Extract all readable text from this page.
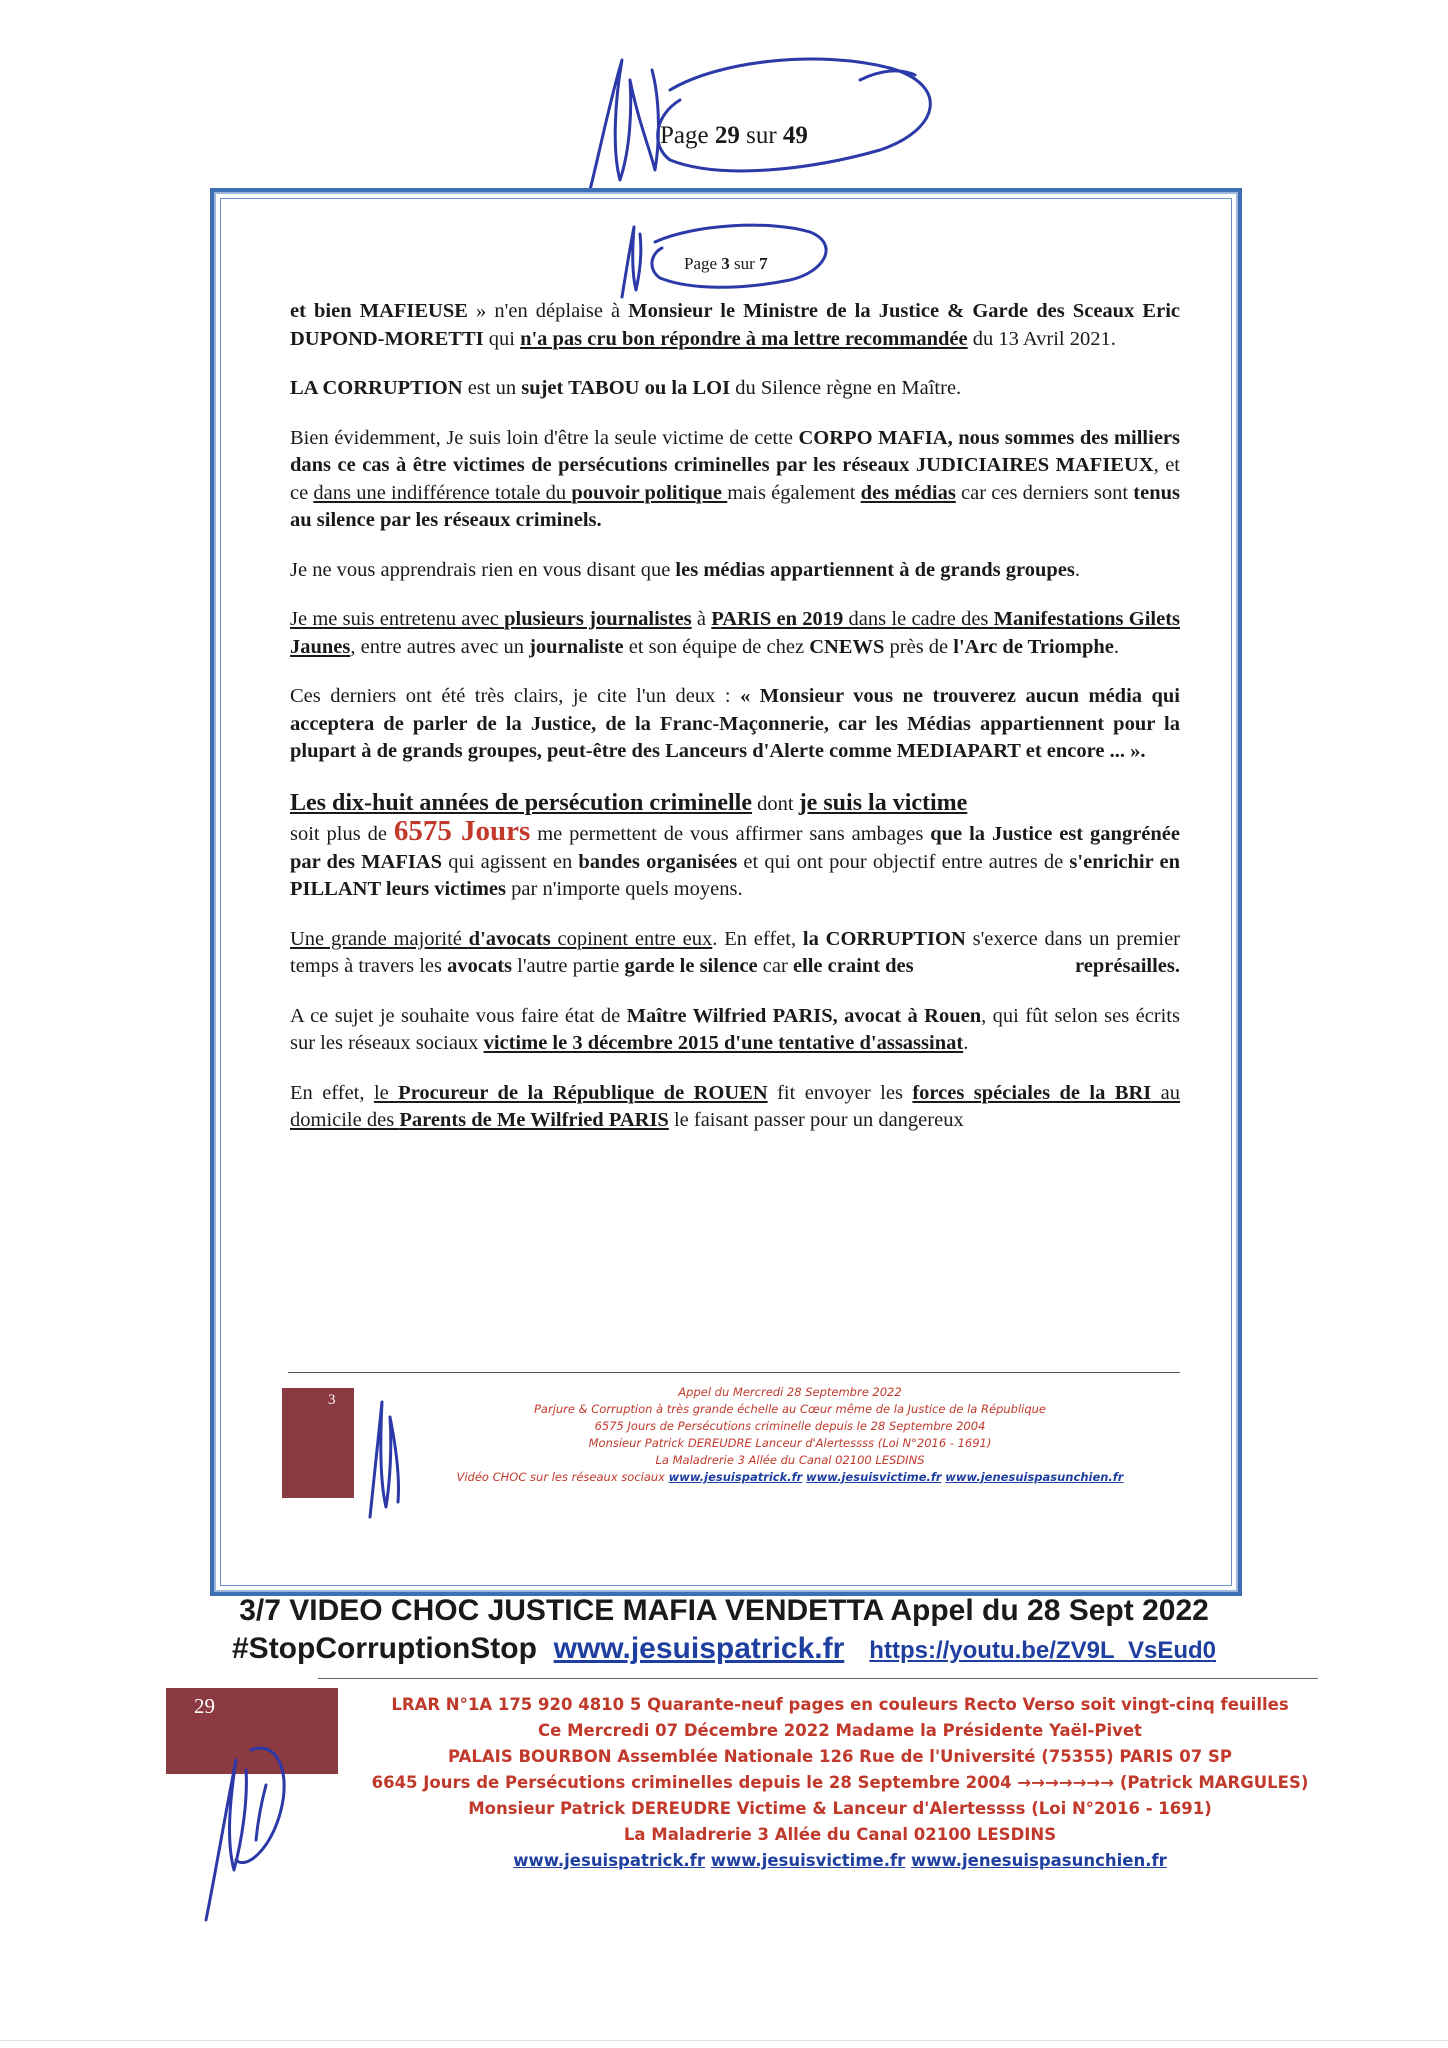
Page 29 sur 49
Page 3 sur 7

et bien MAFIEUSE » n'en déplaise à Monsieur le Ministre de la Justice & Garde des Sceaux Eric DUPOND-MORETTI qui n'a pas cru bon répondre à ma lettre recommandée du 13 Avril 2021.

LA CORRUPTION est un sujet TABOU ou la LOI du Silence règne en Maître.

Bien évidemment, Je suis loin d'être la seule victime de cette CORPO MAFIA, nous sommes des milliers dans ce cas à être victimes de persécutions criminelles par les réseaux JUDICIAIRES MAFIEUX, et ce dans une indifférence totale du pouvoir politique mais également des médias car ces derniers sont tenus au silence par les réseaux criminels.

Je ne vous apprendrais rien en vous disant que les médias appartiennent à de grands groupes.

Je me suis entretenu avec plusieurs journalistes à PARIS en 2019 dans le cadre des Manifestations Gilets Jaunes, entre autres avec un journaliste et son équipe de chez CNEWS près de l'Arc de Triomphe.

Ces derniers ont été très clairs, je cite l'un deux : « Monsieur vous ne trouverez aucun média qui acceptera de parler de la Justice, de la Franc-Maçonnerie, car les Médias appartiennent pour la plupart à de grands groupes, peut-être des Lanceurs d'Alerte comme MEDIAPART et encore ... ».

Les dix-huit années de persécution criminelle dont je suis la victime
soit plus de 6575 Jours me permettent de vous affirmer sans ambages que la Justice est gangrénée par des MAFIAS qui agissent en bandes organisées et qui ont pour objectif entre autres de s'enrichir en PILLANT leurs victimes par n'importe quels moyens.

Une grande majorité d'avocats copinent entre eux. En effet, la CORRUPTION s'exerce dans un premier temps à travers les avocats l'autre partie garde le silence car elle craint des	représailles.

A ce sujet je souhaite vous faire état de Maître Wilfried PARIS, avocat à Rouen, qui fût selon ses écrits sur les réseaux sociaux victime le 3 décembre 2015 d'une tentative d'assassinat.

En effet, le Procureur de la République de ROUEN fit envoyer les forces spéciales de la BRI au domicile des Parents de Me Wilfried PARIS le faisant passer pour un dangereux

3	Appel du Mercredi 28 Septembre 2022
Parjure & Corruption à très grande échelle au Cœur même de la Justice de la République
6575 Jours de Persécutions criminelle depuis le 28 Septembre 2004
Monsieur Patrick DEREUDRE Lanceur d'Alertessss (Loi N°2016 - 1691)
La Maladrerie 3 Allée du Canal 02100 LESDINS
Vidéo CHOC sur les réseaux sociaux www.jesuispatrick.fr www.jesuisvictime.fr www.jenesuispasunchien.fr
3/7 VIDEO CHOC JUSTICE MAFIA VENDETTA Appel du 28 Sept 2022
#StopCorruptionStop www.jesuispatrick.fr https://youtu.be/ZV9L_VsEud0
29	LRAR N°1A 175 920 4810 5 Quarante-neuf pages en couleurs Recto Verso soit vingt-cinq feuilles
Ce Mercredi 07 Décembre 2022 Madame la Présidente Yaël-Pivet
PALAIS BOURBON Assemblée Nationale 126 Rue de l'Université (75355) PARIS 07 SP
6645 Jours de Persécutions criminelles depuis le 28 Septembre 2004 →→→→→→→ (Patrick MARGULES)
Monsieur Patrick DEREUDRE Victime & Lanceur d'Alertessss (Loi N°2016 - 1691)
La Maladrerie 3 Allée du Canal 02100 LESDINS
www.jesuispatrick.fr www.jesuisvictime.fr www.jenesuispasunchien.fr
